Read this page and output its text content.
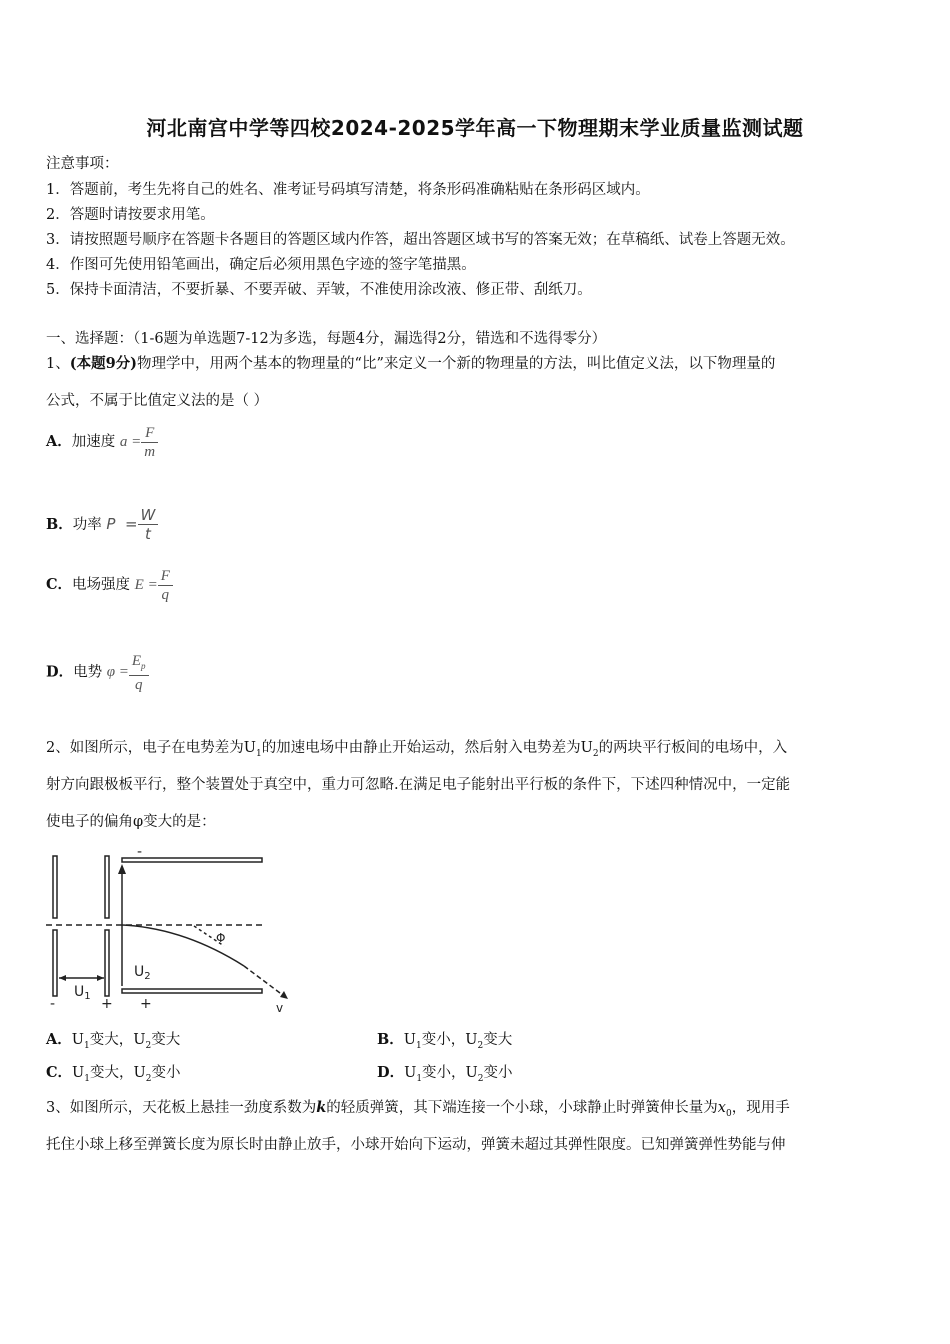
河北南宫中学等四校2024-2025学年高一下物理期末学业质量监测试题
注意事项：
1．答题前，考生先将自己的姓名、准考证号码填写清楚，将条形码准确粘贴在条形码区域内。
2．答题时请按要求用笔。
3．请按照题号顺序在答题卡各题目的答题区域内作答，超出答题区域书写的答案无效；在草稿纸、试卷上答题无效。
4．作图可先使用铅笔画出，确定后必须用黑色字迹的签字笔描黑。
5．保持卡面清洁，不要折暴、不要弄破、弄皱，不准使用涂改液、修正带、刮纸刀。
一、选择题：（1-6题为单选题7-12为多选，每题4分，漏选得2分，错选和不选得零分）
1、(本题9分)物理学中，用两个基本的物理量的“比”来定义一个新的物理量的方法，叫比值定义法，以下物理量的
公式，不属于比值定义法的是（ ）
A．加速度 $a = \frac{F}{m}$
B．功率 $P = \frac{W}{t}$
C．电场强度 $E = \frac{F}{q}$
D．电势 $\varphi = \frac{E_p}{q}$
2、如图所示，电子在电势差为$U_1$的加速电场中由静止开始运动，然后射入电势差为$U_2$的两块平行板间的电场中，入
射方向跟极板平行，整个装置处于真空中，重力可忽略.在满足电子能射出平行板的条件下，下述四种情况中，一定能
使电子的偏角φ变大的是：
-	+
$U_1$
-
+
$U_2$
Φ
v
A．$U_1$变大，$U_2$变大	B．$U_1$变小，$U_2$变大
C．$U_1$变大，$U_2$变小	D．$U_1$变小，$U_2$变小
3、如图所示，天花板上悬挂一劲度系数为k的轻质弹簧，其下端连接一个小球，小球静止时弹簧伸长量为$x_0$，现用手
托住小球上移至弹簧长度为原长时由静止放手，小球开始向下运动，弹簧未超过其弹性限度。已知弹簧弹性势能与伸
